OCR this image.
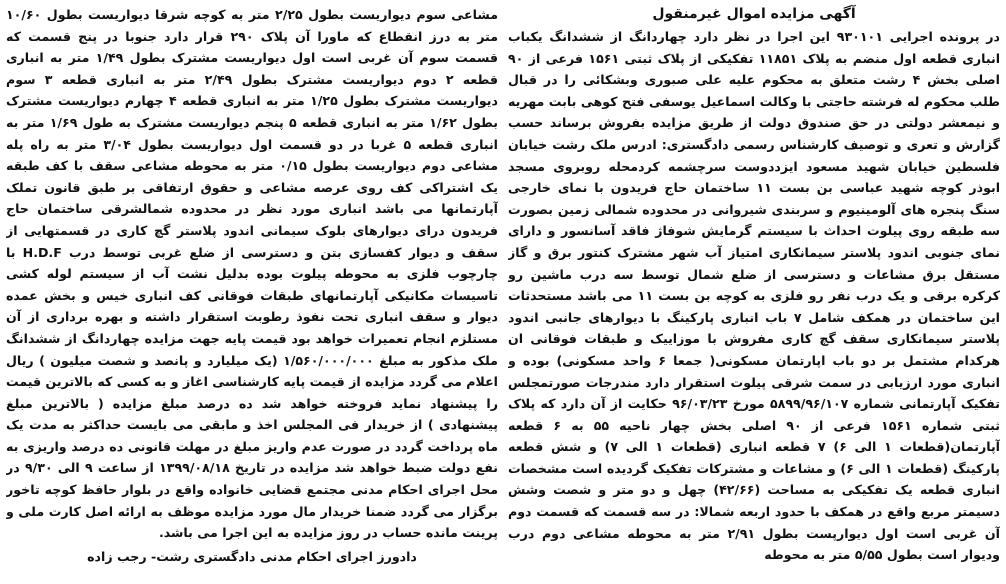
آگهی مزایده اموال غیرمنقول

در پرونده اجرایی ۹۳۰۱۰۱ این اجرا در نظر دارد چهاردانگ از ششدانگ یکباب انباری قطعه اول منضم به پلاک ۱۱۸۵۱ تفکیکی از پلاک ثبتی ۱۵۶۱ فرعی از ۹۰ اصلی بخش ۴ رشت متعلق به محکوم علیه علی صبوری وبشکائی را در قبال طلب محکوم له فرشته حاجتی با وکالت اسماعیل یوسفی فتح کوهی بابت مهریه و نیمعشر دولتی در حق صندوق دولت از طریق مزایده بفروش برساند حسب گزارش و تعری و توصیف کارشناس رسمی دادگستری: ادرس ملک رشت خیابان فلسطین خیابان شهید مسعود ایزددوست سرچشمه کردمحله روبروی مسجد ابوذر کوچه شهید عباسی بن بست ۱۱ ساختمان حاج فریدون با نمای خارجی سنگ پنجره های آلومینیوم و سربندی شیروانی در محدوده شمالی زمین بصورت سه طبقه روی پیلوت احداث با سیستم گرمایش شوفاژ فاقد آسانسور و دارای نمای جنوبی اندود پلاستر سیمانکاری امتیاز آب شهر مشترک کنتور برق و گاز مستقل برق مشاعات و دسترسی از ضلع شمال توسط سه درب ماشین رو کرکره برقی و یک درب نفر رو فلزی به کوچه بن بست ۱۱ می باشد مستحدثات این ساختمان در همکف شامل ۷ باب انباری پارکینگ با دیوارهای جانبی اندود پلاستر سیمانکاری سقف گچ کاری مفروش با موزاییک و طبقات فوقانی ان هرکدام مشتمل بر دو باب اپارتمان مسکونی( جمعا ۶ واحد مسکونی) بوده و انباری مورد ارزیابی در سمت شرقی پیلوت استقرار دارد مندرجات صورتمجلس تفکیک آپارتمانی شماره ۵۸۹۹/۹۶/۱۰۷ مورخ ۹۶/۰۳/۲۳ حکایت از آن دارد که پلاک ثبتی شماره ۱۵۶۱ فرعی از ۹۰ اصلی بخش چهار ناحیه ۵۵ به ۶ قطعه آپارتمان(قطعات ۱ الی ۶) ۷ قطعه انباری (قطعات ۱ الی ۷) و شش قطعه پارکینگ (قطعات ۱ الی ۶) و مشاعات و مشترکات تفکیک گردیده است مشخصات انباری قطعه یک تفکیکی به مساحت (۴۲/۶۶) چهل و دو متر و شصت وشش دسیمتر مربع واقع در همکف با حدود اربعه شمالا: در سه قسمت که قسمت دوم آن غربی است اول دیوارپست بطول ۲/۹۱ متر به محوطه مشاعی دوم درب ودیوار است بطول ۵/۵۵ متر به محوطه

مشاعی سوم دیواریست بطول ۲/۲۵ متر به کوچه شرقا دیواریست بطول ۱۰/۶۰ متر به درز انقطاع که ماورا آن پلاک ۲۹۰ قرار دارد جنوبا در پنج قسمت که قسمت سوم آن غربی است اول دیواریست مشترک بطول ۱/۴۹ متر به انباری قطعه ۲ دوم دیواریست مشترک بطول ۲/۴۹ متر به انباری قطعه ۳ سوم دیواریست مشترک بطول ۱/۲۵ متر به انباری قطعه ۴ چهارم دیواریست مشترک بطول ۱/۶۲ متر به انباری قطعه ۵ پنجم دیواریست مشترک به طول ۱/۶۹ متر به انباری قطعه ۵ غربا در دو قسمت اول دیواریست بطول ۳/۰۴ متر به راه پله مشاعی دوم دیواریست بطول ۰/۱۵ متر به محوطه مشاعی سقف با کف طبقه یک اشتراکی کف روی عرصه مشاعی و حقوق ارتفاقی بر طبق قانون تملک آپارتمانها می باشد انباری مورد نظر در محدوده شمالشرقی ساختمان حاج فریدون درای دیوارهای بلوک سیمانی اندود پلاستر گچ کاری در قسمتهایی از سقف و دیوار کفسازی بتن و دسترسی از ضلع غربی توسط درب H.D.F با چارچوب فلزی به محوطه پیلوت بوده بدلیل نشت آب از سیستم لوله کشی تاسیسات مکانیکی آپارتمانهای طبقات فوقانی کف انباری خیس و بخش عمده دیوار و سقف انباری تحت نفوذ رطوبت استقرار داشته و بهره برداری از آن مستلزم انجام تعمیرات خواهد بود قیمت پایه جهت مزایده چهاردانگ از ششدانگ ملک مذکور به مبلغ ۱/۵۶۰/۰۰۰/۰۰۰ (یک میلیارد و پانصد و شصت میلیون ) ریال اعلام می گردد مزایده از قیمت پایه کارشناسی اغاز و به کسی که بالاترین قیمت را پیشنهاد نماید فروخته خواهد شد ده درصد مبلغ مزایده ( بالاترین مبلغ پیشنهادی ) از خریدار فی المجلس اخذ و مابقی می بایست حداکثر به مدت یک ماه پرداخت گردد در صورت عدم واریز مبلغ در مهلت قانونی ده درصد واریزی به نفع دولت ضبط خواهد شد مزایده در تاریخ ۱۳۹۹/۰۸/۱۸ از ساعت ۹ الی ۹/۳۰ در محل اجرای احکام مدنی مجتمع قضایی خانواده واقع در بلوار حافظ کوچه تاخور برگزار می گردد ضمنا خریدار مال مورد مزایده موظف به ارائه اصل کارت ملی و پرینت مانده حساب در روز مزایده به این اجرا می باشد.

دادورز اجرای احکام مدنی دادگستری رشت- رجب زاده
